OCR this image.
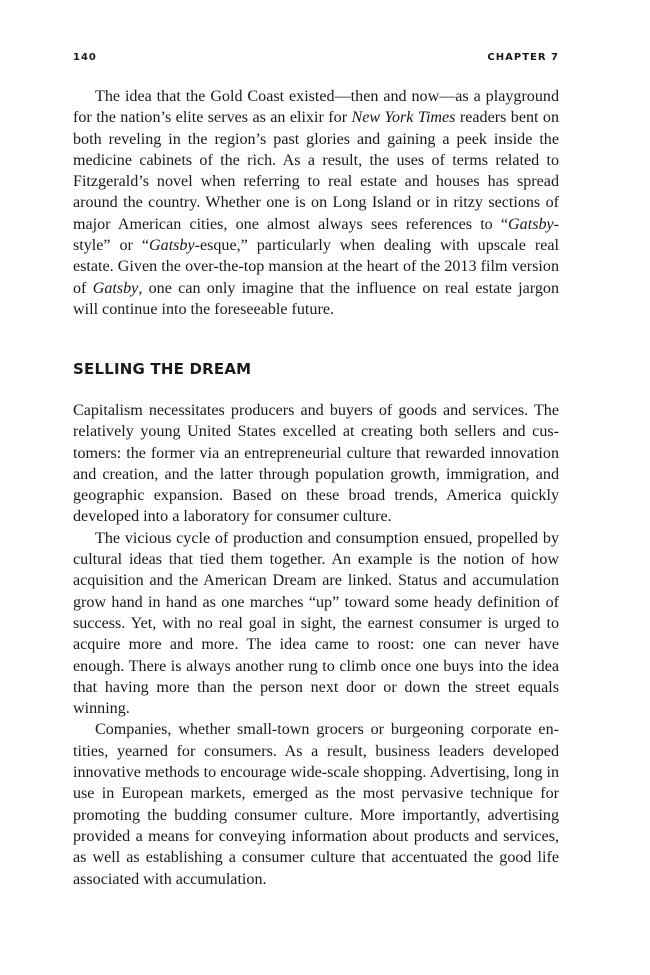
140	CHAPTER 7

The idea that the Gold Coast existed—then and now—as a playground for the nation’s elite serves as an elixir for New York Times readers bent on both reveling in the region’s past glories and gaining a peek inside the medicine cabinets of the rich. As a result, the uses of terms related to Fitzgerald’s novel when referring to real estate and houses has spread around the country. Whether one is on Long Island or in ritzy sections of major American cities, one almost always sees references to “Gatsby-style” or “Gatsby-esque,” particularly when dealing with upscale real estate. Given the over-the-top mansion at the heart of the 2013 film version of Gatsby, one can only imagine that the influence on real estate jargon will continue into the foreseeable future.

SELLING THE DREAM

Capitalism necessitates producers and buyers of goods and services. The relatively young United States excelled at creating both sellers and customers: the former via an entrepreneurial culture that rewarded innovation and creation, and the latter through population growth, immigration, and geographic expansion. Based on these broad trends, America quickly developed into a laboratory for consumer culture.

The vicious cycle of production and consumption ensued, propelled by cultural ideas that tied them together. An example is the notion of how acquisition and the American Dream are linked. Status and accumulation grow hand in hand as one marches “up” toward some heady definition of success. Yet, with no real goal in sight, the earnest consumer is urged to acquire more and more. The idea came to roost: one can never have enough. There is always another rung to climb once one buys into the idea that having more than the person next door or down the street equals winning.

Companies, whether small-town grocers or burgeoning corporate entities, yearned for consumers. As a result, business leaders developed innovative methods to encourage wide-scale shopping. Advertising, long in use in European markets, emerged as the most pervasive technique for promoting the budding consumer culture. More importantly, advertising provided a means for conveying information about products and services, as well as establishing a consumer culture that accentuated the good life associated with accumulation.
